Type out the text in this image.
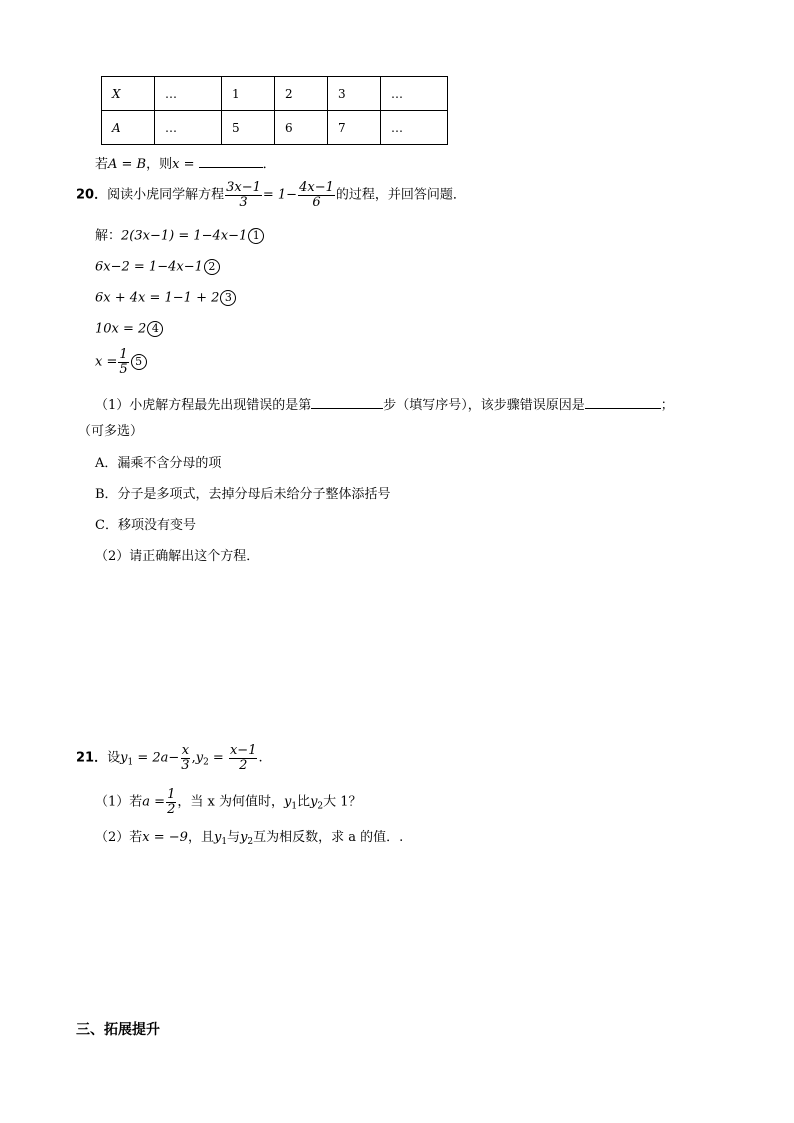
X	…	1	2	3	…
A	…	5	6	7	…
若A = B，则x =	．
20．阅读小虎同学解方程 $\frac{3x-1}{3} = 1- \frac{4x-1}{6}$ 的过程，并回答问题．
解：2(3x−1) = 1−4x−1 1
6x−2 = 1−4x−1 2
6x + 4x = 1−1 + 2 3
10x = 2 4
$x = \frac{1}{5} 5$
（1）小虎解方程最先出现错误的是第	步（填写序号），该步骤错误原因是	；
（可多选）
A．漏乘不含分母的项
B．分子是多项式，去掉分母后未给分子整体添括号
C．移项没有变号
（2）请正确解出这个方程．
21．设$y_1 = 2a- \frac{x}{3} ,y_2 = \frac{x-1}{2}$ .
（1）若$a = \frac{1}{2}$ ，当 x 为何值时，$y_1$比$y_2$大 1？
（2）若x = −9，且$y_1$与$y_2$互为相反数，求 a 的值．.
三、拓展提升
